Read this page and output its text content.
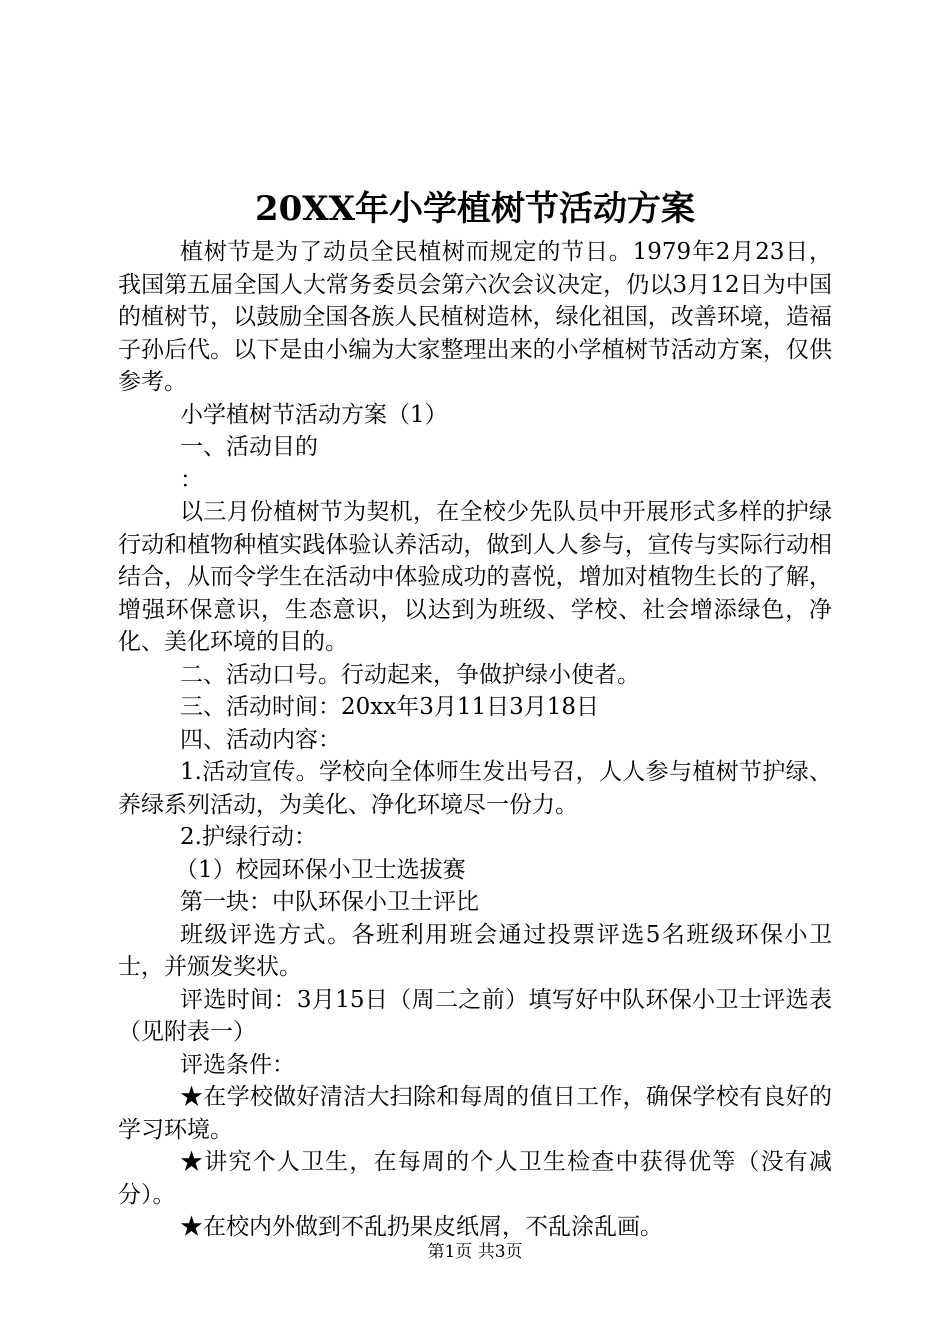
20XX年小学植树节活动方案

植树节是为了动员全民植树而规定的节日。1979年2月23日，我国第五届全国人大常务委员会第六次会议决定，仍以3月12日为中国的植树节，以鼓励全国各族人民植树造林，绿化祖国，改善环境，造福子孙后代。以下是由小编为大家整理出来的小学植树节活动方案，仅供参考。

小学植树节活动方案（1）

一、活动目的

：

以三月份植树节为契机，在全校少先队员中开展形式多样的护绿行动和植物种植实践体验认养活动，做到人人参与，宣传与实际行动相结合，从而令学生在活动中体验成功的喜悦，增加对植物生长的了解，增强环保意识，生态意识，以达到为班级、学校、社会增添绿色，净化、美化环境的目的。

二、活动口号。行动起来，争做护绿小使者。

三、活动时间：20xx年3月11日3月18日

四、活动内容：

1.活动宣传。学校向全体师生发出号召，人人参与植树节护绿、养绿系列活动，为美化、净化环境尽一份力。

2.护绿行动：

（1）校园环保小卫士选拔赛

第一块：中队环保小卫士评比

班级评选方式。各班利用班会通过投票评选5名班级环保小卫士，并颁发奖状。

评选时间：3月15日（周二之前）填写好中队环保小卫士评选表（见附表一）

评选条件：

★在学校做好清洁大扫除和每周的值日工作，确保学校有良好的学习环境。

★讲究个人卫生，在每周的个人卫生检查中获得优等（没有减分）。

★在校内外做到不乱扔果皮纸屑，不乱涂乱画。

第1页 共3页
